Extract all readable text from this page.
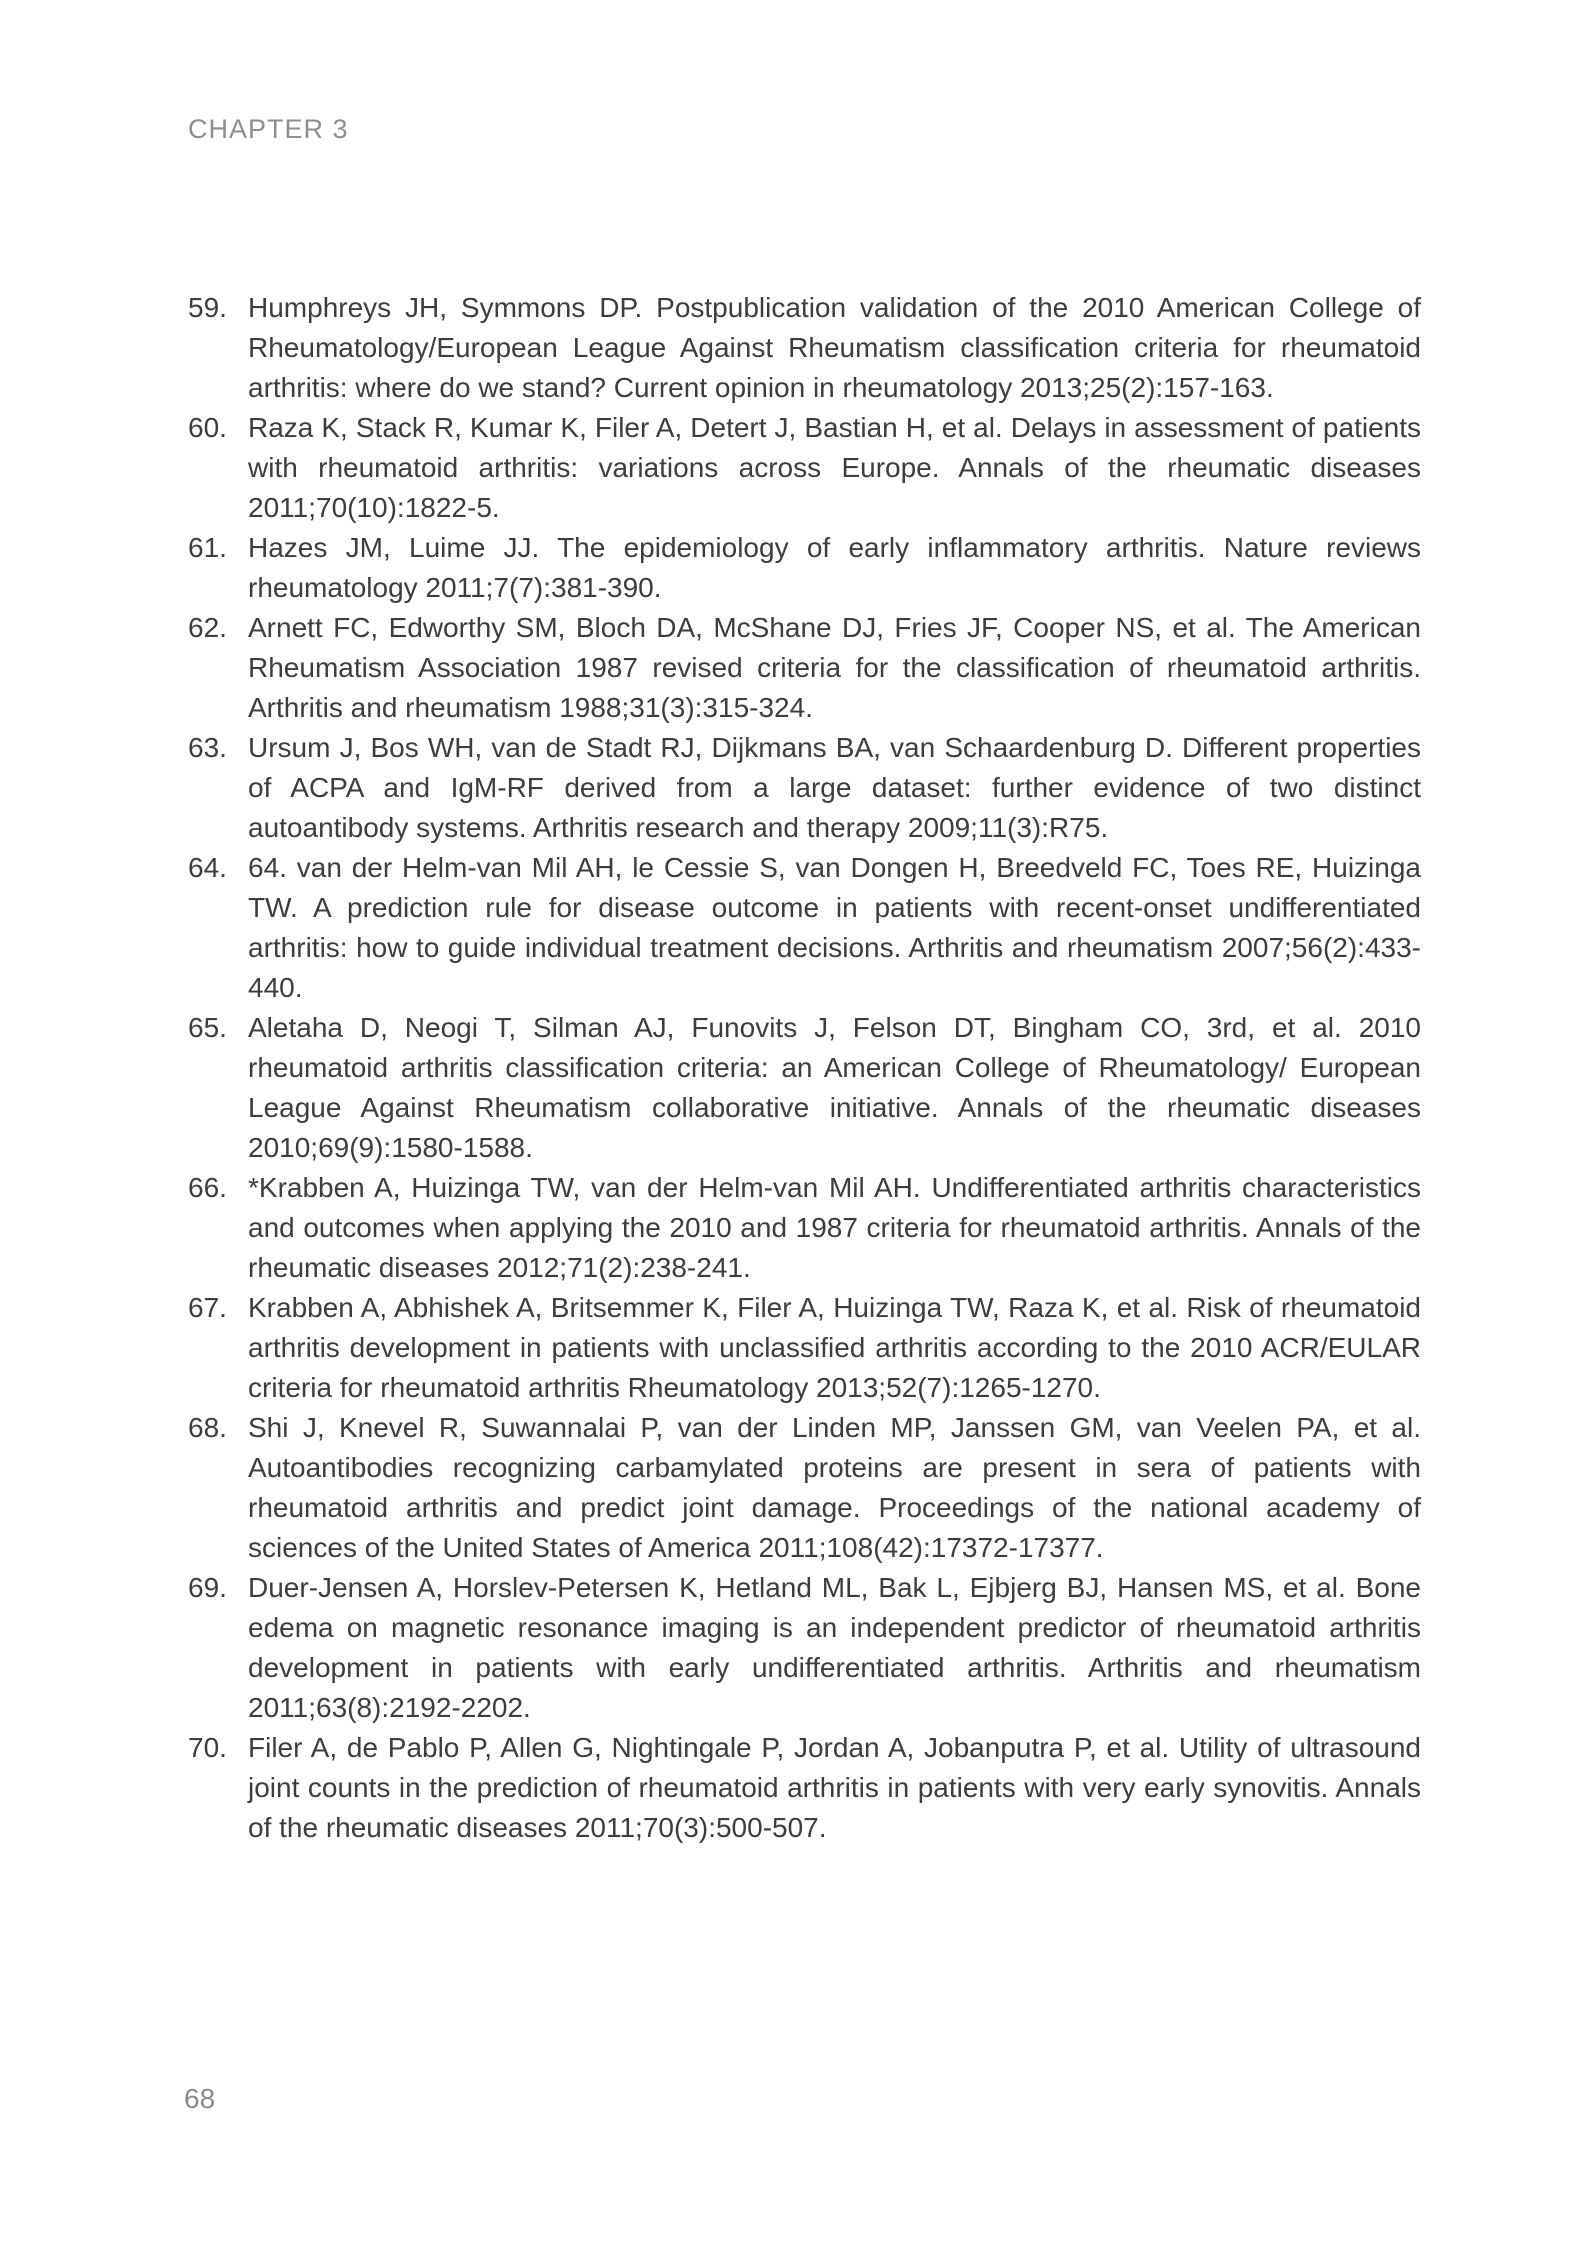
CHAPTER 3
59. Humphreys JH, Symmons DP. Postpublication validation of the 2010 American College of Rheumatology/European League Against Rheumatism classification criteria for rheumatoid arthritis: where do we stand? Current opinion in rheumatology 2013;25(2):157-163.
60. Raza K, Stack R, Kumar K, Filer A, Detert J, Bastian H, et al. Delays in assessment of patients with rheumatoid arthritis: variations across Europe. Annals of the rheumatic diseases 2011;70(10):1822-5.
61. Hazes JM, Luime JJ. The epidemiology of early inflammatory arthritis. Nature reviews rheumatology 2011;7(7):381-390.
62. Arnett FC, Edworthy SM, Bloch DA, McShane DJ, Fries JF, Cooper NS, et al. The American Rheumatism Association 1987 revised criteria for the classification of rheumatoid arthritis. Arthritis and rheumatism 1988;31(3):315-324.
63. Ursum J, Bos WH, van de Stadt RJ, Dijkmans BA, van Schaardenburg D. Different properties of ACPA and IgM-RF derived from a large dataset: further evidence of two distinct autoantibody systems. Arthritis research and therapy 2009;11(3):R75.
64. 64. van der Helm-van Mil AH, le Cessie S, van Dongen H, Breedveld FC, Toes RE, Huizinga TW. A prediction rule for disease outcome in patients with recent-onset undifferentiated arthritis: how to guide individual treatment decisions. Arthritis and rheumatism 2007;56(2):433-440.
65. Aletaha D, Neogi T, Silman AJ, Funovits J, Felson DT, Bingham CO, 3rd, et al. 2010 rheumatoid arthritis classification criteria: an American College of Rheumatology/ European League Against Rheumatism collaborative initiative. Annals of the rheumatic diseases 2010;69(9):1580-1588.
66. *Krabben A, Huizinga TW, van der Helm-van Mil AH. Undifferentiated arthritis characteristics and outcomes when applying the 2010 and 1987 criteria for rheumatoid arthritis. Annals of the rheumatic diseases 2012;71(2):238-241.
67. Krabben A, Abhishek A, Britsemmer K, Filer A, Huizinga TW, Raza K, et al. Risk of rheumatoid arthritis development in patients with unclassified arthritis according to the 2010 ACR/EULAR criteria for rheumatoid arthritis Rheumatology 2013;52(7):1265-1270.
68. Shi J, Knevel R, Suwannalai P, van der Linden MP, Janssen GM, van Veelen PA, et al. Autoantibodies recognizing carbamylated proteins are present in sera of patients with rheumatoid arthritis and predict joint damage. Proceedings of the national academy of sciences of the United States of America 2011;108(42):17372-17377.
69. Duer-Jensen A, Horslev-Petersen K, Hetland ML, Bak L, Ejbjerg BJ, Hansen MS, et al. Bone edema on magnetic resonance imaging is an independent predictor of rheumatoid arthritis development in patients with early undifferentiated arthritis. Arthritis and rheumatism 2011;63(8):2192-2202.
70. Filer A, de Pablo P, Allen G, Nightingale P, Jordan A, Jobanputra P, et al. Utility of ultrasound joint counts in the prediction of rheumatoid arthritis in patients with very early synovitis. Annals of the rheumatic diseases 2011;70(3):500-507.
68
